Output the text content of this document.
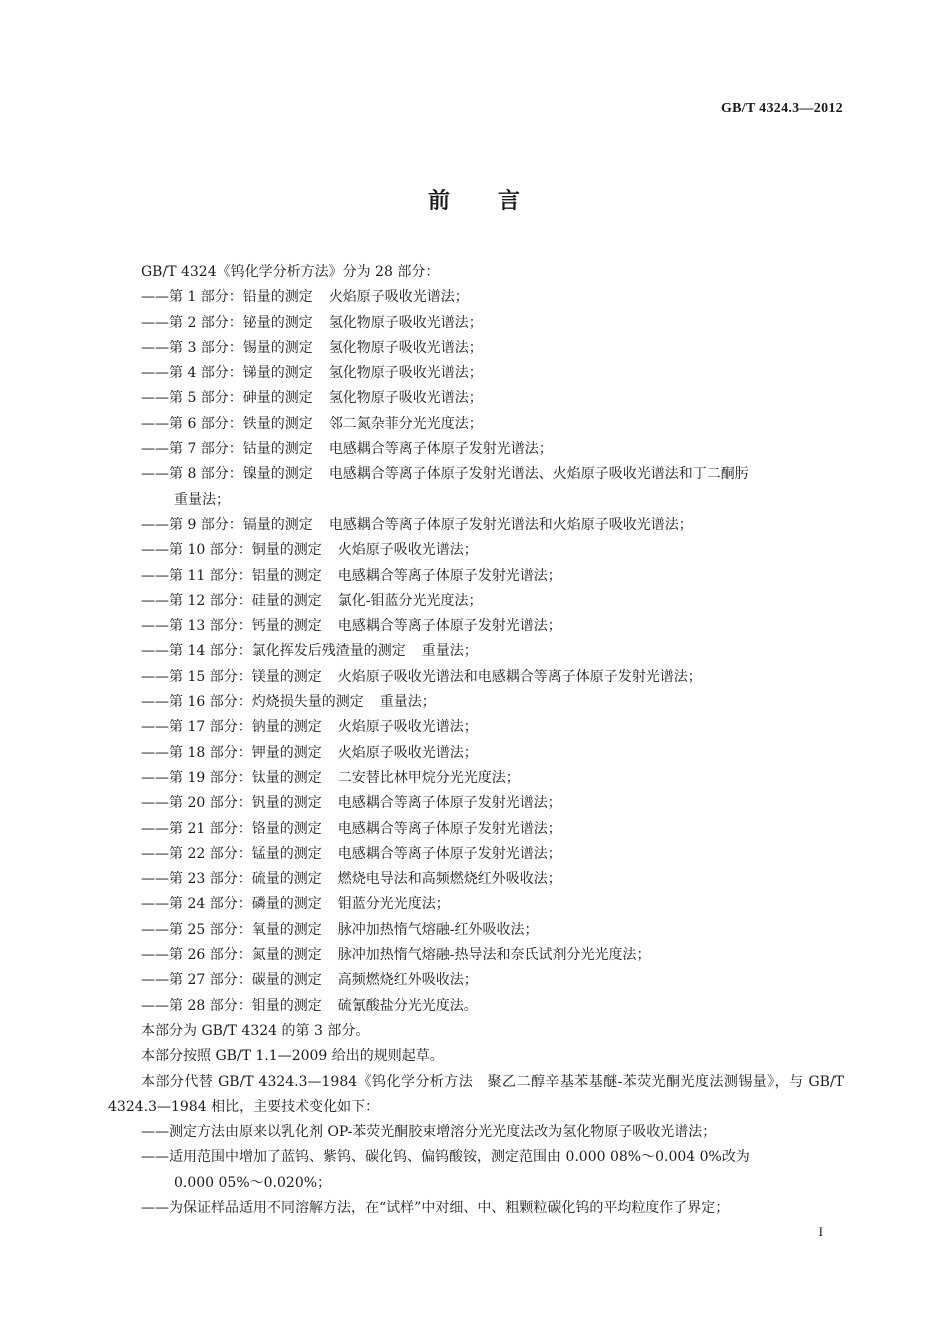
GB/T 4324.3—2012
前 言
GB/T 4324《钨化学分析方法》分为 28 部分：
——第 1 部分：铅量的测定 火焰原子吸收光谱法；
——第 2 部分：铋量的测定 氢化物原子吸收光谱法；
——第 3 部分：锡量的测定 氢化物原子吸收光谱法；
——第 4 部分：锑量的测定 氢化物原子吸收光谱法；
——第 5 部分：砷量的测定 氢化物原子吸收光谱法；
——第 6 部分：铁量的测定 邻二氮杂菲分光光度法；
——第 7 部分：钴量的测定 电感耦合等离子体原子发射光谱法；
——第 8 部分：镍量的测定 电感耦合等离子体原子发射光谱法、火焰原子吸收光谱法和丁二酮肟
重量法；
——第 9 部分：镉量的测定 电感耦合等离子体原子发射光谱法和火焰原子吸收光谱法；
——第 10 部分：铜量的测定 火焰原子吸收光谱法；
——第 11 部分：铝量的测定 电感耦合等离子体原子发射光谱法；
——第 12 部分：硅量的测定 氯化-钼蓝分光光度法；
——第 13 部分：钙量的测定 电感耦合等离子体原子发射光谱法；
——第 14 部分：氯化挥发后残渣量的测定 重量法；
——第 15 部分：镁量的测定 火焰原子吸收光谱法和电感耦合等离子体原子发射光谱法；
——第 16 部分：灼烧损失量的测定 重量法；
——第 17 部分：钠量的测定 火焰原子吸收光谱法；
——第 18 部分：钾量的测定 火焰原子吸收光谱法；
——第 19 部分：钛量的测定 二安替比林甲烷分光光度法；
——第 20 部分：钒量的测定 电感耦合等离子体原子发射光谱法；
——第 21 部分：铬量的测定 电感耦合等离子体原子发射光谱法；
——第 22 部分：锰量的测定 电感耦合等离子体原子发射光谱法；
——第 23 部分：硫量的测定 燃烧电导法和高频燃烧红外吸收法；
——第 24 部分：磷量的测定 钼蓝分光光度法；
——第 25 部分：氧量的测定 脉冲加热惰气熔融-红外吸收法；
——第 26 部分：氮量的测定 脉冲加热惰气熔融-热导法和奈氏试剂分光光度法；
——第 27 部分：碳量的测定 高频燃烧红外吸收法；
——第 28 部分：钼量的测定 硫氰酸盐分光光度法。
本部分为 GB/T 4324 的第 3 部分。
本部分按照 GB/T 1.1—2009 给出的规则起草。
本部分代替 GB/T 4324.3—1984《钨化学分析方法　聚乙二醇辛基苯基醚-苯荧光酮光度法测锡量》，与 GB/T 4324.3—1984 相比，主要技术变化如下：
——测定方法由原来以乳化剂 OP-苯荧光酮胶束增溶分光光度法改为氢化物原子吸收光谱法；
——适用范围中增加了蓝钨、紫钨、碳化钨、偏钨酸铵，测定范围由 0.000 08%～0.004 0%改为
0.000 05%～0.020%；
——为保证样品适用不同溶解方法，在“试样”中对细、中、粗颗粒碳化钨的平均粒度作了界定；
I
